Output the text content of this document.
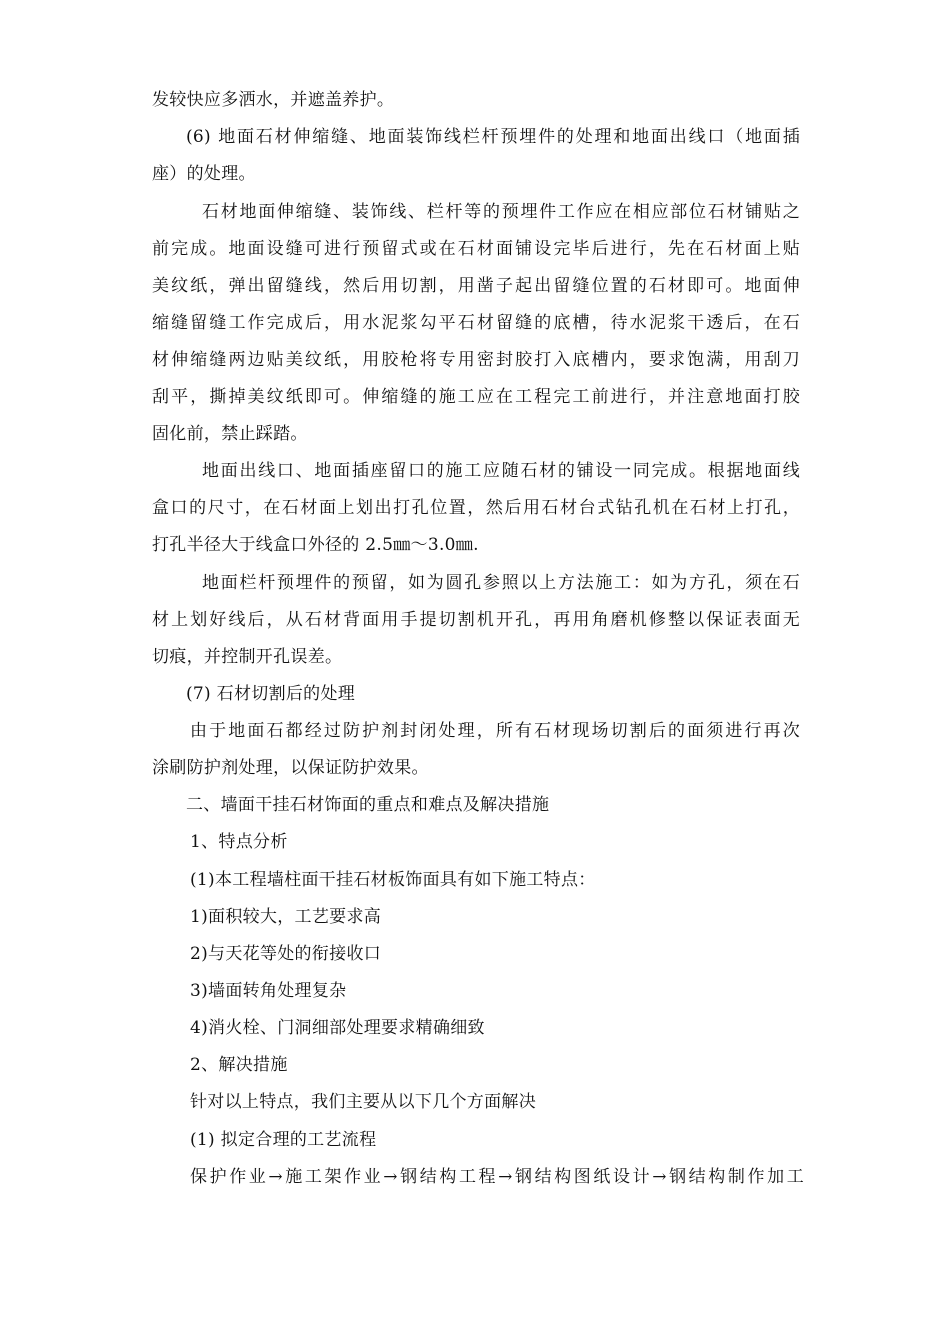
发较快应多洒水，并遮盖养护。
(6) 地面石材伸缩缝、地面装饰线栏杆预埋件的处理和地面出线口（地面插
座）的处理。
石材地面伸缩缝、装饰线、栏杆等的预埋件工作应在相应部位石材铺贴之
前完成。地面设缝可进行预留式或在石材面铺设完毕后进行，先在石材面上贴
美纹纸，弹出留缝线，然后用切割，用凿子起出留缝位置的石材即可。地面伸
缩缝留缝工作完成后，用水泥浆勾平石材留缝的底槽，待水泥浆干透后，在石
材伸缩缝两边贴美纹纸，用胶枪将专用密封胶打入底槽内，要求饱满，用刮刀
刮平，撕掉美纹纸即可。伸缩缝的施工应在工程完工前进行，并注意地面打胶
固化前，禁止踩踏。
地面出线口、地面插座留口的施工应随石材的铺设一同完成。根据地面线
盒口的尺寸，在石材面上划出打孔位置，然后用石材台式钻孔机在石材上打孔，
打孔半径大于线盒口外径的 2.5㎜～3.0㎜.
地面栏杆预埋件的预留，如为圆孔参照以上方法施工：如为方孔，须在石
材上划好线后，从石材背面用手提切割机开孔，再用角磨机修整以保证表面无
切痕，并控制开孔误差。
(7) 石材切割后的处理
由于地面石都经过防护剂封闭处理，所有石材现场切割后的面须进行再次
涂刷防护剂处理，以保证防护效果。
二、墙面干挂石材饰面的重点和难点及解决措施
1、特点分析
(1)本工程墙柱面干挂石材板饰面具有如下施工特点：
1)面积较大，工艺要求高
2)与天花等处的衔接收口
3)墙面转角处理复杂
4)消火栓、门洞细部处理要求精确细致
2、解决措施
针对以上特点，我们主要从以下几个方面解决
(1) 拟定合理的工艺流程
保护作业→施工架作业→钢结构工程→钢结构图纸设计→钢结构制作加工
